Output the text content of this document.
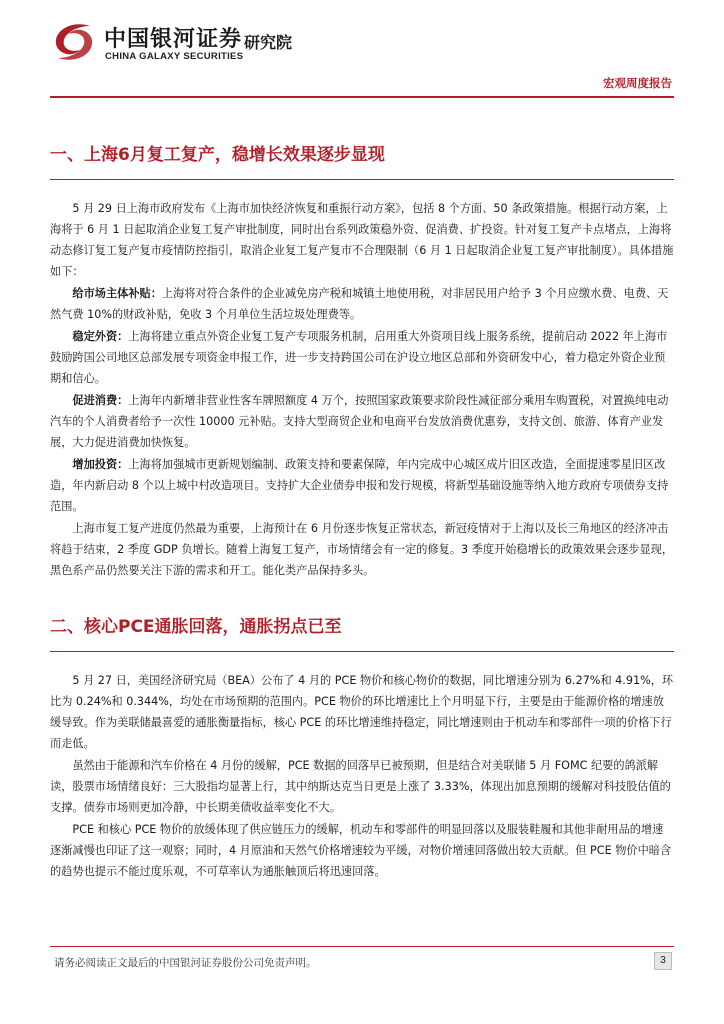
中国银河证券
CHINA GALAXY SECURITIES
研究院
宏观周度报告
一、上海6月复工复产，稳增长效果逐步显现

5 月 29 日上海市政府发布《上海市加快经济恢复和重振行动方案》，包括 8 个方面、50 条政策措施。根据行动方案，上海将于 6 月 1 日起取消企业复工复产审批制度，同时出台系列政策稳外资、促消费、扩投资。针对复工复产卡点堵点，上海将动态修订复工复产复市疫情防控指引，取消企业复工复产复市不合理限制（6 月 1 日起取消企业复工复产审批制度）。具体措施如下：

给市场主体补贴：上海将对符合条件的企业减免房产税和城镇土地使用税，对非居民用户给予 3 个月应缴水费、电费、天然气费 10%的财政补贴，免收 3 个月单位生活垃圾处理费等。

稳定外资：上海将建立重点外资企业复工复产专项服务机制，启用重大外资项目线上服务系统，提前启动 2022 年上海市鼓励跨国公司地区总部发展专项资金申报工作，进一步支持跨国公司在沪设立地区总部和外资研发中心，着力稳定外资企业预期和信心。

促进消费：上海年内新增非营业性客车牌照额度 4 万个，按照国家政策要求阶段性减征部分乘用车购置税，对置换纯电动汽车的个人消费者给予一次性 10000 元补贴。支持大型商贸企业和电商平台发放消费优惠券，支持文创、旅游、体育产业发展，大力促进消费加快恢复。

增加投资：上海将加强城市更新规划编制、政策支持和要素保障，年内完成中心城区成片旧区改造，全面提速零星旧区改造，年内新启动 8 个以上城中村改造项目。支持扩大企业债券申报和发行规模，将新型基础设施等纳入地方政府专项债券支持范围。

上海市复工复产进度仍然最为重要，上海预计在 6 月份逐步恢复正常状态，新冠疫情对于上海以及长三角地区的经济冲击将趋于结束，2 季度 GDP 负增长。随着上海复工复产，市场情绪会有一定的修复。3 季度开始稳增长的政策效果会逐步显现，黑色系产品仍然要关注下游的需求和开工。能化类产品保持多头。

二、核心PCE通胀回落，通胀拐点已至

5 月 27 日，美国经济研究局（BEA）公布了 4 月的 PCE 物价和核心物价的数据，同比增速分别为 6.27%和 4.91%，环比为 0.24%和 0.344%，均处在市场预期的范围内。PCE 物价的环比增速比上个月明显下行，主要是由于能源价格的增速放缓导致。作为美联储最喜爱的通胀衡量指标，核心 PCE 的环比增速维持稳定，同比增速则由于机动车和零部件一项的价格下行而走低。

虽然由于能源和汽车价格在 4 月份的缓解，PCE 数据的回落早已被预期，但是结合对美联储 5 月 FOMC 纪要的鸽派解读，股票市场情绪良好：三大股指均显著上行，其中纳斯达克当日更是上涨了 3.33%，体现出加息预期的缓解对科技股估值的支撑。债券市场则更加冷静，中长期美债收益率变化不大。

PCE 和核心 PCE 物价的放缓体现了供应链压力的缓解，机动车和零部件的明显回落以及服装鞋履和其他非耐用品的增速逐渐减慢也印证了这一观察；同时，4 月原油和天然气价格增速较为平缓，对物价增速回落做出较大贡献。但 PCE 物价中暗含的趋势也提示不能过度乐观，不可草率认为通胀触顶后将迅速回落。

请务必阅读正文最后的中国银河证券股份公司免责声明。	3
